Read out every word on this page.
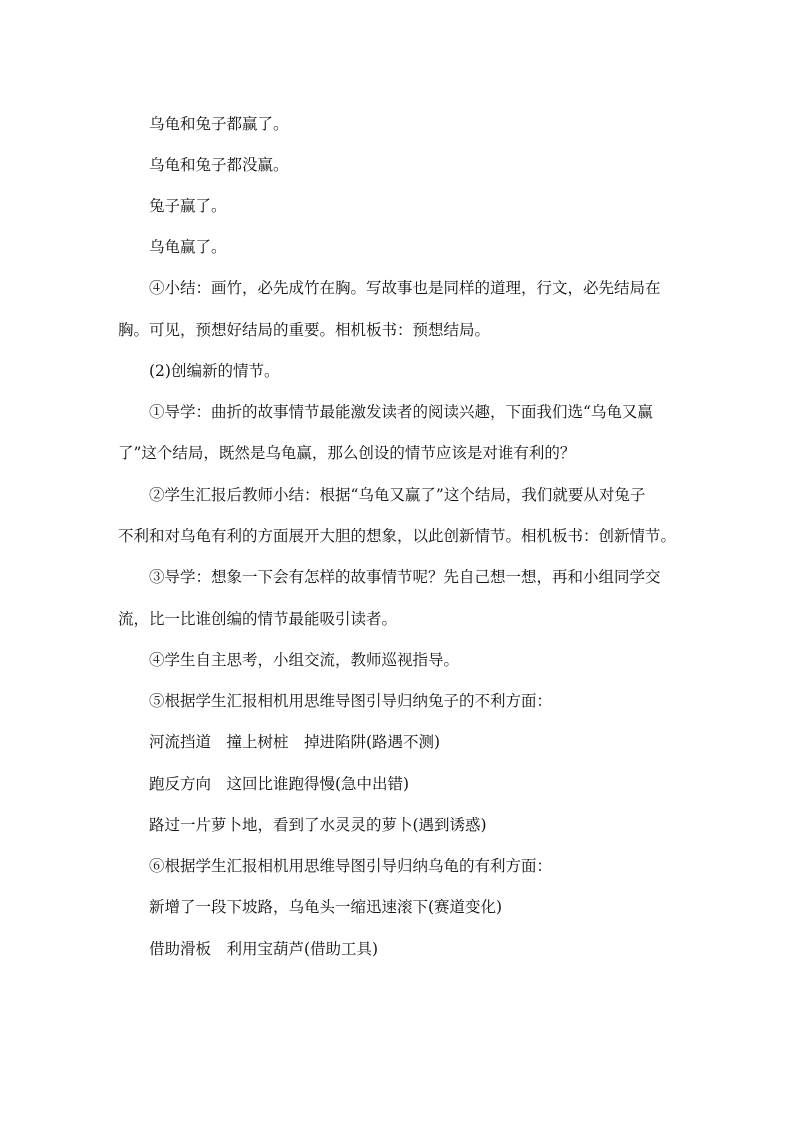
乌龟和兔子都赢了。
乌龟和兔子都没赢。
兔子赢了。
乌龟赢了。
④小结：画竹，必先成竹在胸。写故事也是同样的道理，行文，必先结局在
胸。可见，预想好结局的重要。相机板书：预想结局。
(2)创编新的情节。
①导学：曲折的故事情节最能激发读者的阅读兴趣，下面我们选“乌龟又赢
了”这个结局，既然是乌龟赢，那么创设的情节应该是对谁有利的？
②学生汇报后教师小结：根据“乌龟又赢了”这个结局，我们就要从对兔子
不利和对乌龟有利的方面展开大胆的想象，以此创新情节。相机板书：创新情节。
③导学：想象一下会有怎样的故事情节呢？先自己想一想，再和小组同学交
流，比一比谁创编的情节最能吸引读者。
④学生自主思考，小组交流，教师巡视指导。
⑤根据学生汇报相机用思维导图引导归纳兔子的不利方面：
河流挡道　撞上树桩　掉进陷阱(路遇不测)
跑反方向　这回比谁跑得慢(急中出错)
路过一片萝卜地，看到了水灵灵的萝卜(遇到诱惑)
⑥根据学生汇报相机用思维导图引导归纳乌龟的有利方面：
新增了一段下坡路，乌龟头一缩迅速滚下(赛道变化)
借助滑板　利用宝葫芦(借助工具)
